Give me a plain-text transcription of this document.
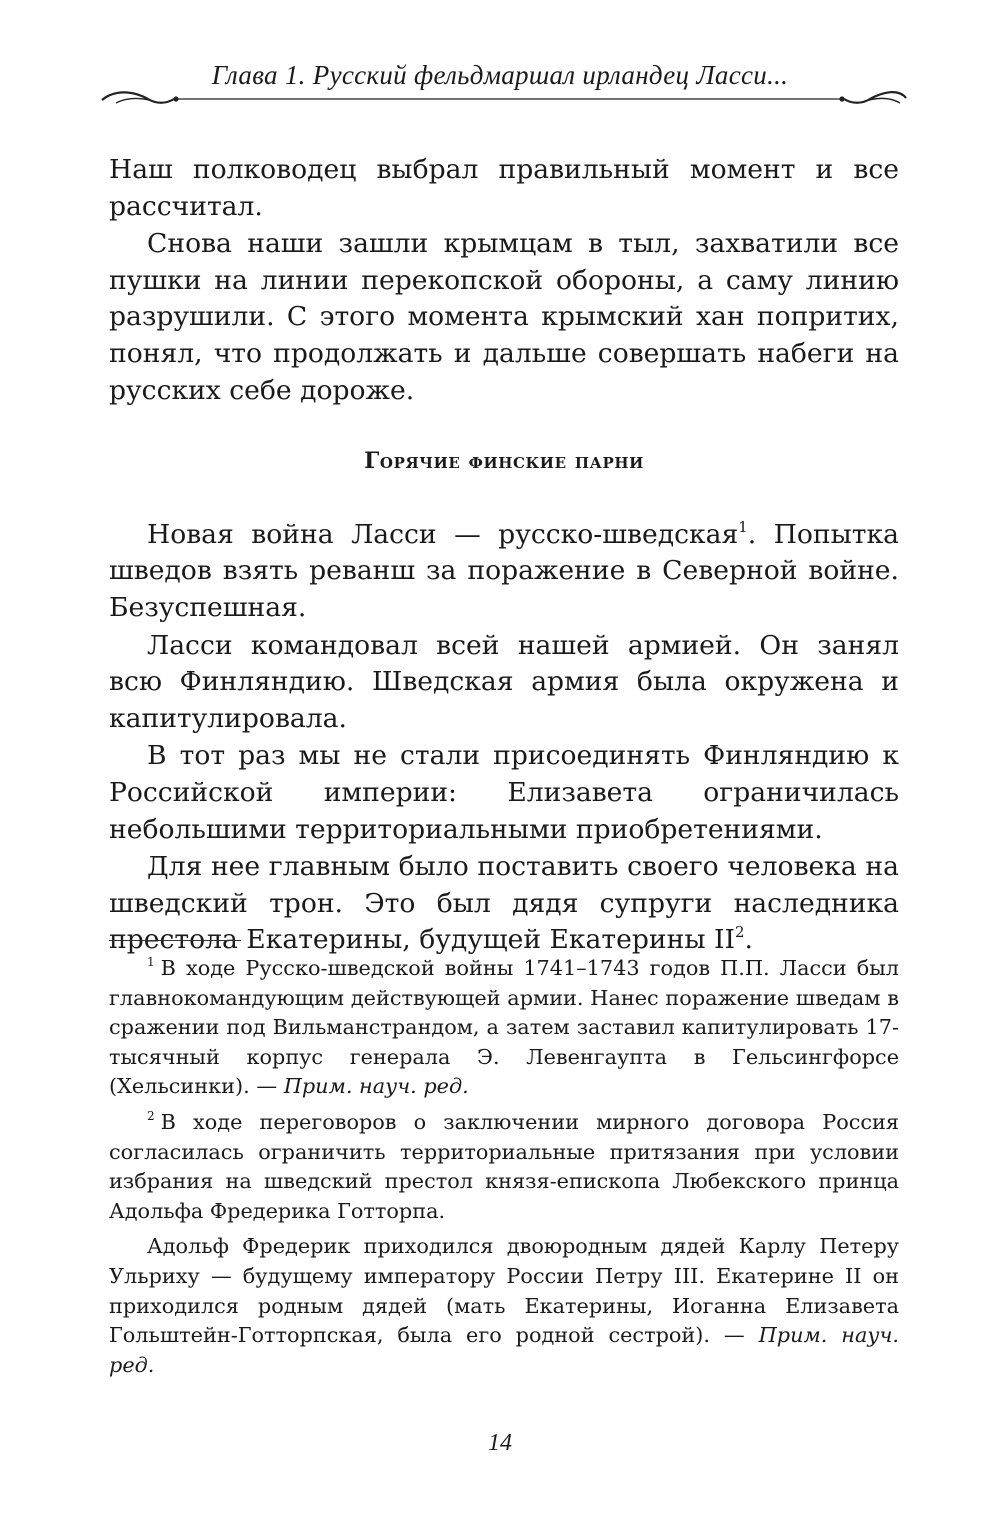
Глава 1. Русский фельдмаршал ирландец Ласси...

Наш полководец выбрал правильный момент и все рассчитал.

Снова наши зашли крымцам в тыл, захватили все пушки на линии перекопской обороны, а саму линию разрушили. С этого момента крымский хан попритих, понял, что продолжать и дальше совершать набеги на русских себе дороже.

Горячие финские парни

Новая война Ласси — русско-шведская$^1$. Попытка шведов взять реванш за поражение в Северной войне. Безуспешная.

Ласси командовал всей нашей армией. Он занял всю Финляндию. Шведская армия была окружена и капитулировала.

В тот раз мы не стали присоединять Финляндию к Российской империи: Елизавета ограничилась небольшими территориальными приобретениями.

Для нее главным было поставить своего человека на шведский трон. Это был дядя супруги наследника престола Екатерины, будущей Екатерины $II^2$.

$^1$ В ходе Русско-шведской войны 1741–1743 годов П.П. Ласси был главнокомандующим действующей армии. Нанес поражение шведам в сражении под Вильманстрандом, а затем заставил капитулировать 17-тысячный корпус генерала Э. Левенгаупта в Гельсингфорсе (Хельсинки). — Прим. науч. ред.

$^2$ В ходе переговоров о заключении мирного договора Россия согласилась ограничить территориальные притязания при условии избрания на шведский престол князя-епископа Любекского принца Адольфа Фредерика Готторпа.

Адольф Фредерик приходился двоюродным дядей Карлу Петеру Ульриху — будущему императору России Петру III. Екатерине II он приходился родным дядей (мать Екатерины, Иоганна Елизавета Гольштейн-Готторпская, была его родной сестрой). — Прим. науч. ред.

14
